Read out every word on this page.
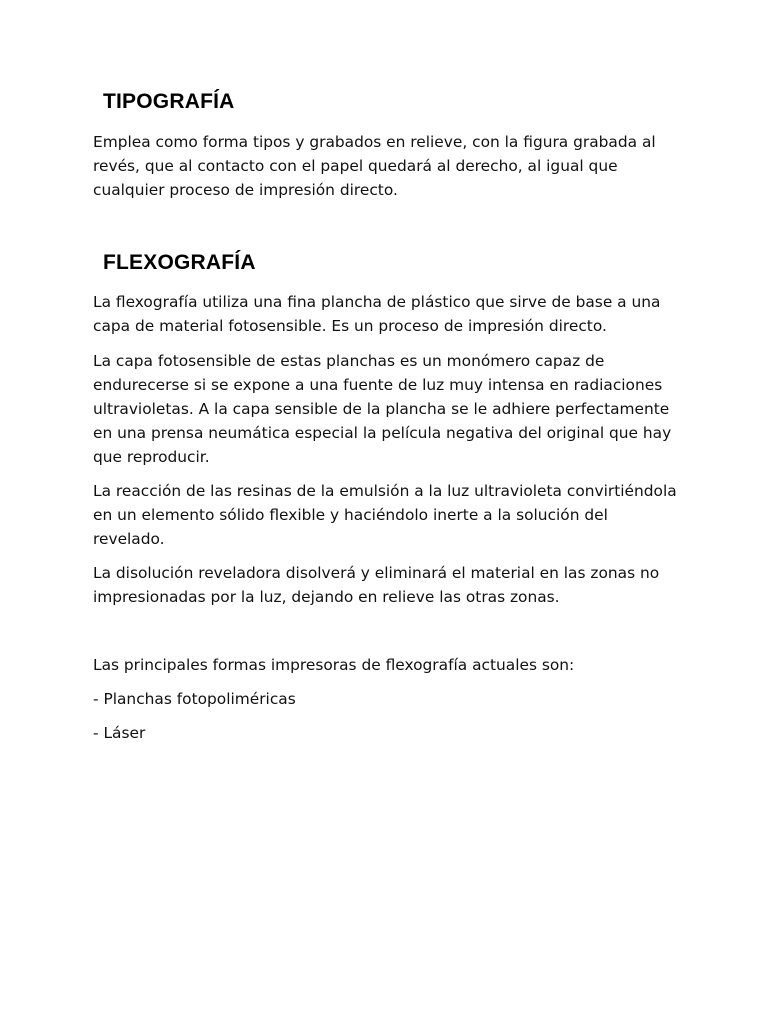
TIPOGRAFÍA

Emplea como forma tipos y grabados en relieve, con la figura grabada al revés, que al contacto con el papel quedará al derecho, al igual que cualquier proceso de impresión directo.

FLEXOGRAFÍA

La flexografía utiliza una fina plancha de plástico que sirve de base a una capa de material fotosensible. Es un proceso de impresión directo.

La capa fotosensible de estas planchas es un monómero capaz de endurecerse si se expone a una fuente de luz muy intensa en radiaciones ultravioletas. A la capa sensible de la plancha se le adhiere perfectamente en una prensa neumática especial la película negativa del original que hay que reproducir.

La reacción de las resinas de la emulsión a la luz ultravioleta convirtiéndola en un elemento sólido flexible y haciéndolo inerte a la solución del revelado.

La disolución reveladora disolverá y eliminará el material en las zonas no impresionadas por la luz, dejando en relieve las otras zonas.

Las principales formas impresoras de flexografía actuales son:

- Planchas fotopoliméricas

- Láser
